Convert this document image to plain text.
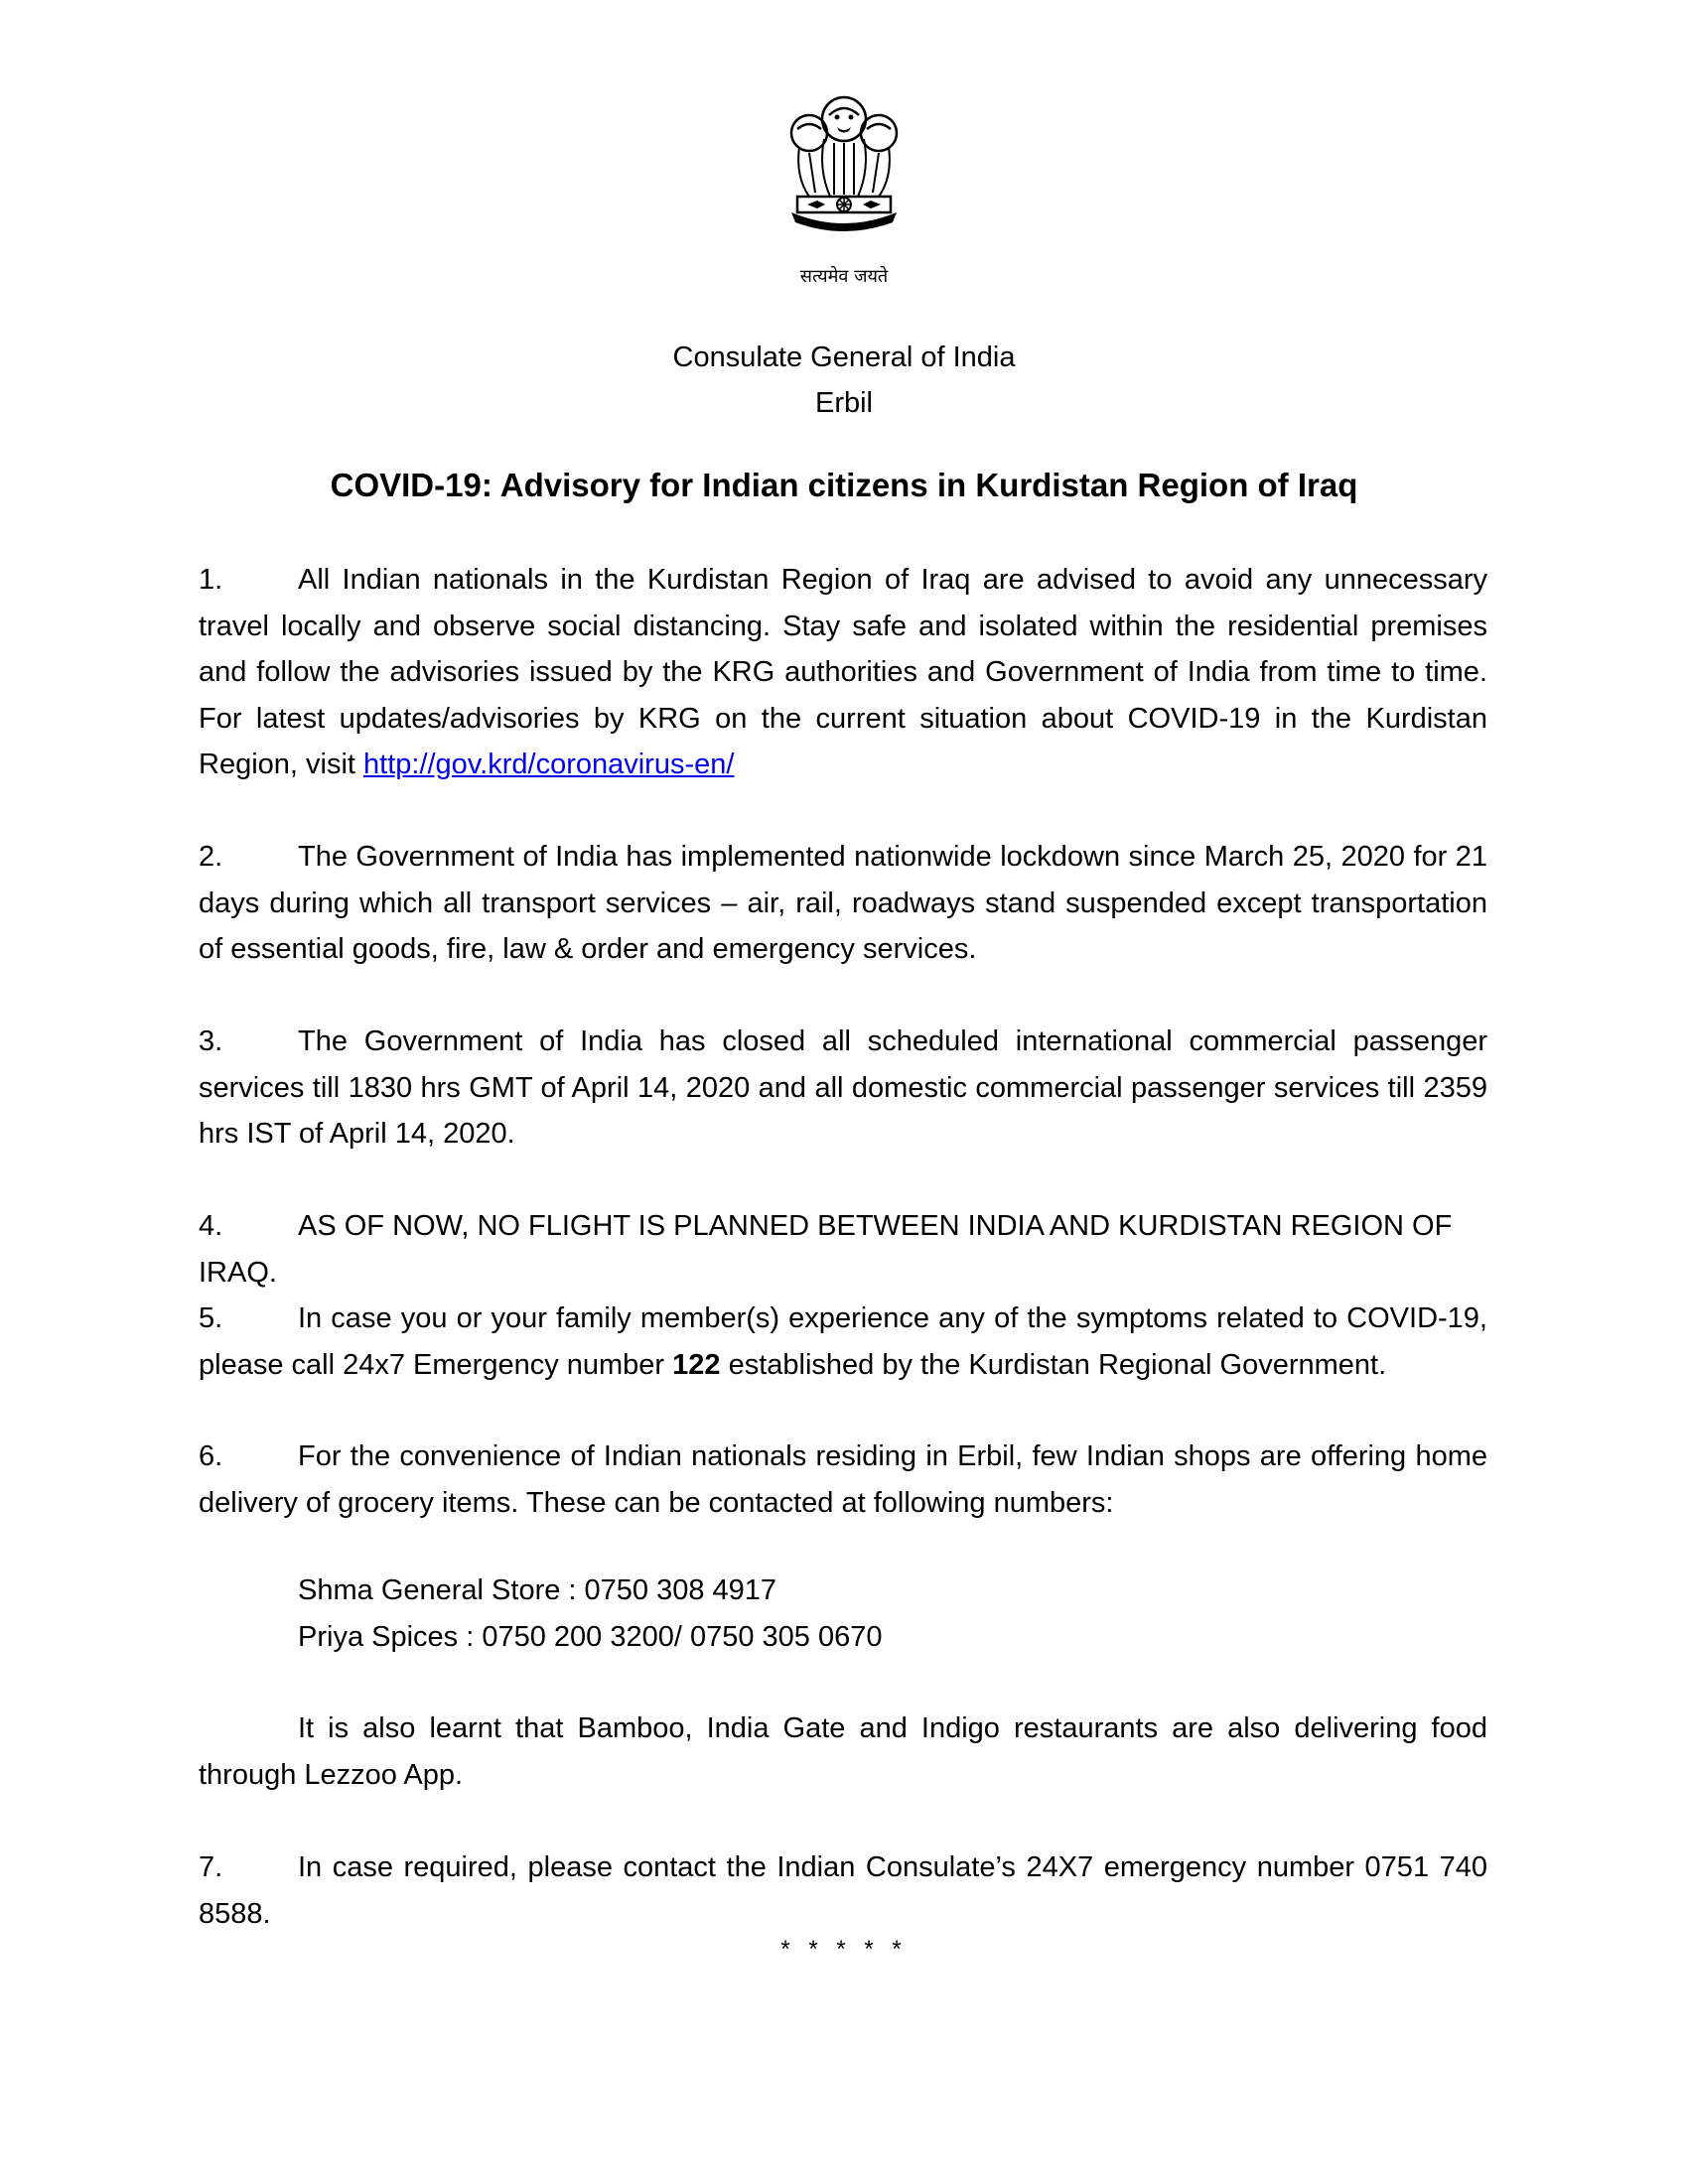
सत्यमेव जयते
Consulate General of India
Erbil
COVID-19: Advisory for Indian citizens in Kurdistan Region of Iraq

1.	All Indian nationals in the Kurdistan Region of Iraq are advised to avoid any unnecessary travel locally and observe social distancing. Stay safe and isolated within the residential premises and follow the advisories issued by the KRG authorities and Government of India from time to time. For latest updates/advisories by KRG on the current situation about COVID-19 in the Kurdistan Region, visit http://gov.krd/coronavirus-en/

2.	The Government of India has implemented nationwide lockdown since March 25, 2020 for 21 days during which all transport services – air, rail, roadways stand suspended except transportation of essential goods, fire, law & order and emergency services.

3.	The Government of India has closed all scheduled international commercial passenger services till 1830 hrs GMT of April 14, 2020 and all domestic commercial passenger services till 2359 hrs IST of April 14, 2020.

4.	AS OF NOW, NO FLIGHT IS PLANNED BETWEEN INDIA AND KURDISTAN REGION OF IRAQ.

5.	In case you or your family member(s) experience any of the symptoms related to COVID-19, please call 24x7 Emergency number 122 established by the Kurdistan Regional Government.

6.	For the convenience of Indian nationals residing in Erbil, few Indian shops are offering home delivery of grocery items. These can be contacted at following numbers:

Shma General Store : 0750 308 4917

Priya Spices : 0750 200 3200/ 0750 305 0670

It is also learnt that Bamboo, India Gate and Indigo restaurants are also delivering food through Lezzoo App.

7.	In case required, please contact the Indian Consulate’s 24X7 emergency number 0751 740 8588.

* * * * *
